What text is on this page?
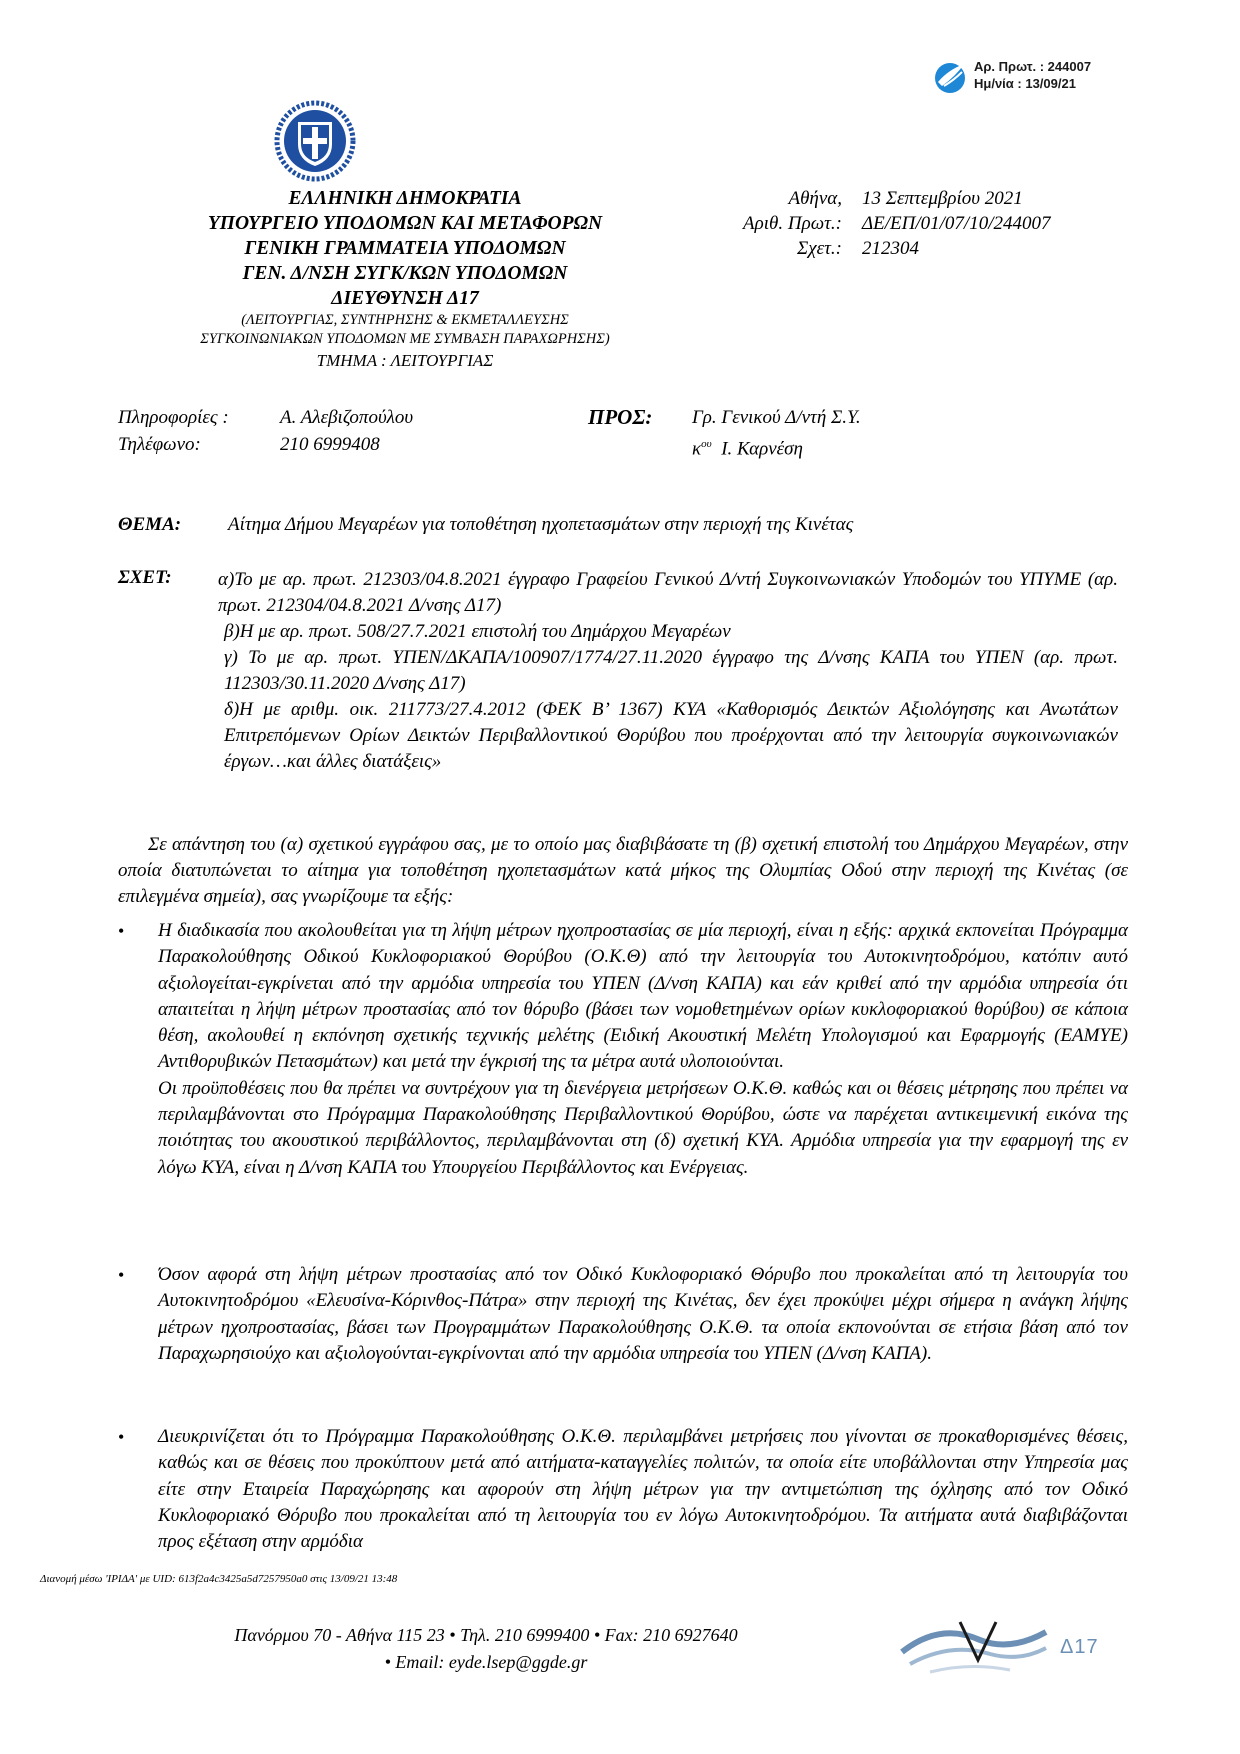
Αρ. Πρωτ. : 244007
Ημ/νία : 13/09/21
ΕΛΛΗΝΙΚΗ ΔΗΜΟΚΡΑΤΙΑ
ΥΠΟΥΡΓΕΙΟ ΥΠΟΔΟΜΩΝ ΚΑΙ ΜΕΤΑΦΟΡΩΝ
ΓΕΝΙΚΗ ΓΡΑΜΜΑΤΕΙΑ ΥΠΟΔΟΜΩΝ
ΓΕΝ. Δ/ΝΣΗ ΣΥΓΚ/ΚΩΝ ΥΠΟΔΟΜΩΝ
ΔΙΕΥΘΥΝΣΗ Δ17
(ΛΕΙΤΟΥΡΓΙΑΣ, ΣΥΝΤΗΡΗΣΗΣ & ΕΚΜΕΤΑΛΛΕΥΣΗΣ
ΣΥΓΚΟΙΝΩΝΙΑΚΩΝ ΥΠΟΔΟΜΩΝ ΜΕ ΣΥΜΒΑΣΗ ΠΑΡΑΧΩΡΗΣΗΣ)
ΤΜΗΜΑ : ΛΕΙΤΟΥΡΓΙΑΣ
Αθήνα,	13 Σεπτεμβρίου 2021
Αριθ. Πρωτ.:	ΔΕ/ΕΠ/01/07/10/244007
Σχετ.:	212304
Πληροφορίες :	Α. Αλεβιζοπούλου
Τηλέφωνο:	210 6999408
ΠΡΟΣ: Γρ. Γενικού Δ/ντή Σ.Υ.
$\kappa^{o\upsilon}$ Ι. Καρνέση
ΘΕΜΑ:	Αίτημα Δήμου Μεγαρέων για τοποθέτηση ηχοπετασμάτων στην περιοχή της Κινέτας
ΣΧΕΤ: α)Το με αρ. πρωτ. 212303/04.8.2021 έγγραφο Γραφείου Γενικού Δ/ντή Συγκοινωνιακών Υποδομών του ΥΠΥΜΕ (αρ. πρωτ. 212304/04.8.2021 Δ/νσης Δ17)

β)Η με αρ. πρωτ. 508/27.7.2021 επιστολή του Δημάρχου Μεγαρέων

γ) Το με αρ. πρωτ. ΥΠΕΝ/ΔΚΑΠΑ/100907/1774/27.11.2020 έγγραφο της Δ/νσης ΚΑΠΑ του ΥΠΕΝ (αρ. πρωτ. 112303/30.11.2020 Δ/νσης Δ17)

δ)Η με αριθμ. οικ. 211773/27.4.2012 (ΦΕΚ Β’ 1367) ΚΥΑ «Καθορισμός Δεικτών Αξιολόγησης και Ανωτάτων Επιτρεπόμενων Ορίων Δεικτών Περιβαλλοντικού Θορύβου που προέρχονται από την λειτουργία συγκοινωνιακών έργων…και άλλες διατάξεις»

Σε απάντηση του (α) σχετικού εγγράφου σας, με το οποίο μας διαβιβάσατε τη (β) σχετική επιστολή του Δημάρχου Μεγαρέων, στην οποία διατυπώνεται το αίτημα για τοποθέτηση ηχοπετασμάτων κατά μήκος της Ολυμπίας Οδού στην περιοχή της Κινέτας (σε επιλεγμένα σημεία), σας γνωρίζουμε τα εξής:

• Η διαδικασία που ακολουθείται για τη λήψη μέτρων ηχοπροστασίας σε μία περιοχή, είναι η εξής: αρχικά εκπονείται Πρόγραμμα Παρακολούθησης Οδικού Κυκλοφοριακού Θορύβου (Ο.Κ.Θ) από την λειτουργία του Αυτοκινητοδρόμου, κατόπιν αυτό αξιολογείται-εγκρίνεται από την αρμόδια υπηρεσία του ΥΠΕΝ (Δ/νση ΚΑΠΑ) και εάν κριθεί από την αρμόδια υπηρεσία ότι απαιτείται η λήψη μέτρων προστασίας από τον θόρυβο (βάσει των νομοθετημένων ορίων κυκλοφοριακού θορύβου) σε κάποια θέση, ακολουθεί η εκπόνηση σχετικής τεχνικής μελέτης (Ειδική Ακουστική Μελέτη Υπολογισμού και Εφαρμογής (ΕΑΜΥΕ) Αντιθορυβικών Πετασμάτων) και μετά την έγκρισή της τα μέτρα αυτά υλοποιούνται.

Οι προϋποθέσεις που θα πρέπει να συντρέχουν για τη διενέργεια μετρήσεων Ο.Κ.Θ. καθώς και οι θέσεις μέτρησης που πρέπει να περιλαμβάνονται στο Πρόγραμμα Παρακολούθησης Περιβαλλοντικού Θορύβου, ώστε να παρέχεται αντικειμενική εικόνα της ποιότητας του ακουστικού περιβάλλοντος, περιλαμβάνονται στη (δ) σχετική ΚΥΑ. Αρμόδια υπηρεσία για την εφαρμογή της εν λόγω ΚΥΑ, είναι η Δ/νση ΚΑΠΑ του Υπουργείου Περιβάλλοντος και Ενέργειας.

• Όσον αφορά στη λήψη μέτρων προστασίας από τον Οδικό Κυκλοφοριακό Θόρυβο που προκαλείται από τη λειτουργία του Αυτοκινητοδρόμου «Ελευσίνα-Κόρινθος-Πάτρα» στην περιοχή της Κινέτας, δεν έχει προκύψει μέχρι σήμερα η ανάγκη λήψης μέτρων ηχοπροστασίας, βάσει των Προγραμμάτων Παρακολούθησης Ο.Κ.Θ. τα οποία εκπονούνται σε ετήσια βάση από τον Παραχωρησιούχο και αξιολογούνται-εγκρίνονται από την αρμόδια υπηρεσία του ΥΠΕΝ (Δ/νση ΚΑΠΑ).

• Διευκρινίζεται ότι το Πρόγραμμα Παρακολούθησης Ο.Κ.Θ. περιλαμβάνει μετρήσεις που γίνονται σε προκαθορισμένες θέσεις, καθώς και σε θέσεις που προκύπτουν μετά από αιτήματα-καταγγελίες πολιτών, τα οποία είτε υποβάλλονται στην Υπηρεσία μας είτε στην Εταιρεία Παραχώρησης και αφορούν στη λήψη μέτρων για την αντιμετώπιση της όχλησης από τον Οδικό Κυκλοφοριακό Θόρυβο που προκαλείται από τη λειτουργία του εν λόγω Αυτοκινητοδρόμου. Τα αιτήματα αυτά διαβιβάζονται προς εξέταση στην αρμόδια

Διανομή μέσω 'ΙΡΙΔΑ' με UID: 613f2a4c3425a5d7257950a0 στις 13/09/21 13:48
Πανόρμου 70 - Αθήνα 115 23 • Τηλ. 210 6999400 • Fax: 210 6927640
• Email: eyde.lsep@ggde.gr
Δ17
